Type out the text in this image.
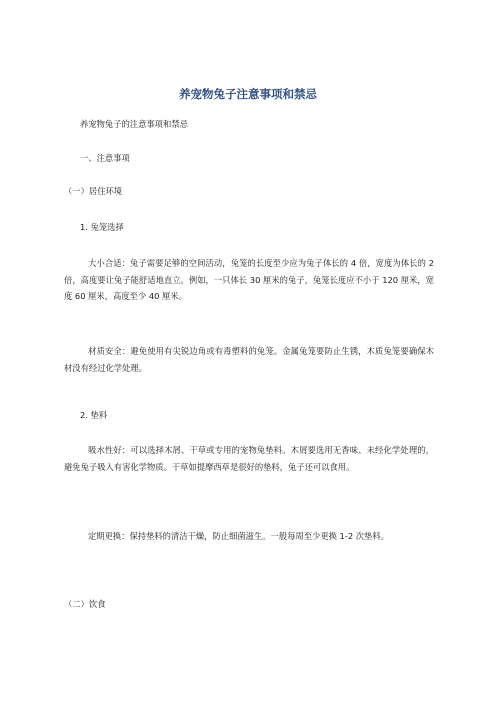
养宠物兔子注意事项和禁忌
养宠物兔子的注意事项和禁忌
一、注意事项
（一）居住环境
1. 兔笼选择
大小合适：兔子需要足够的空间活动，兔笼的长度至少应为兔子体长的 4 倍，宽度为体长的 2 倍，高度要让兔子能舒适地直立。例如，一只体长 30 厘米的兔子，兔笼长度应不小于 120 厘米，宽度 60 厘米，高度至少 40 厘米。
材质安全：避免使用有尖锐边角或有毒塑料的兔笼。金属兔笼要防止生锈，木质兔笼要确保木材没有经过化学处理。
2. 垫料
吸水性好：可以选择木屑、干草或专用的宠物兔垫料。木屑要选用无香味、未经化学处理的，避免兔子吸入有害化学物质。干草如提摩西草是很好的垫料，兔子还可以食用。
定期更换：保持垫料的清洁干燥，防止细菌滋生。一般每周至少更换 1-2 次垫料。
（二）饮食
